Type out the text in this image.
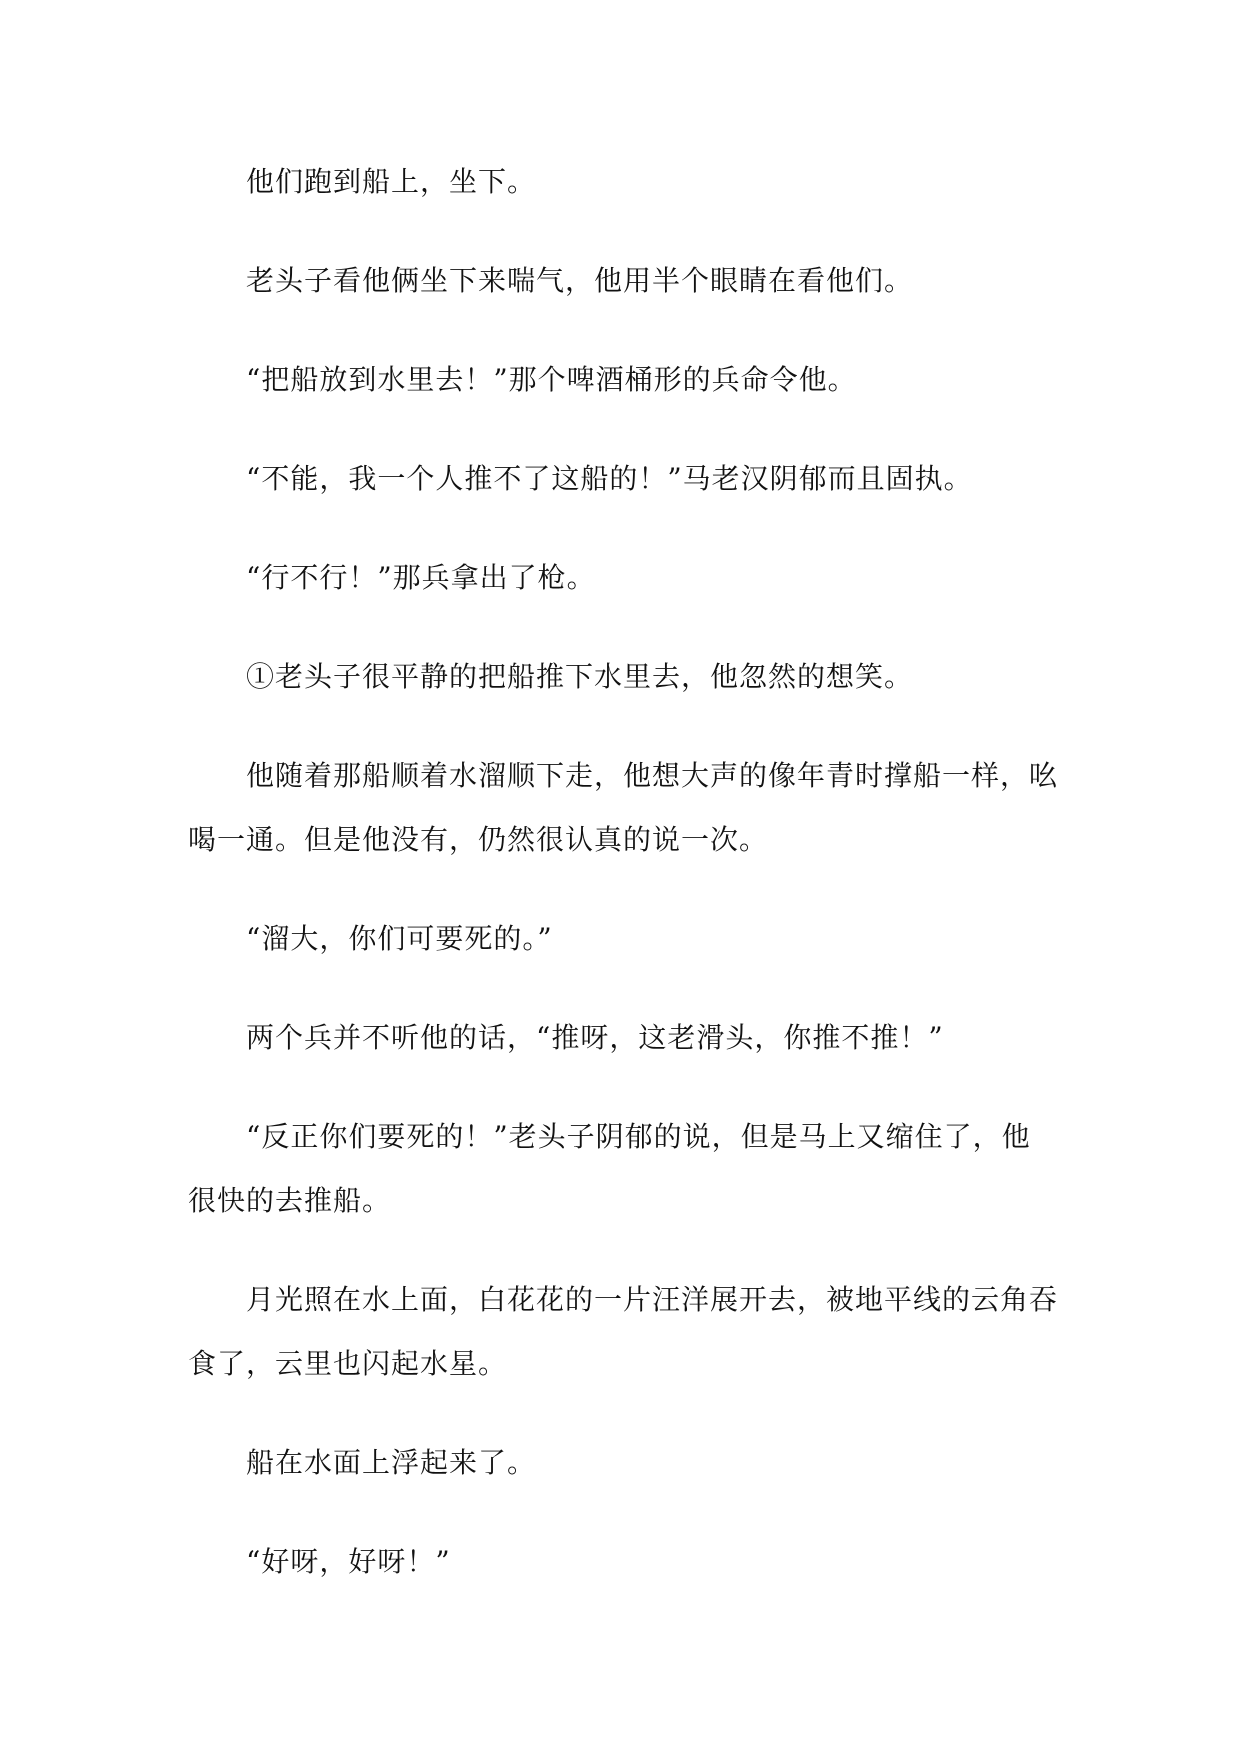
他们跑到船上，坐下。

老头子看他俩坐下来喘气，他用半个眼睛在看他们。

“把船放到水里去！”那个啤酒桶形的兵命令他。

“不能，我一个人推不了这船的！”马老汉阴郁而且固执。

“行不行！”那兵拿出了枪。

①老头子很平静的把船推下水里去，他忽然的想笑。

他随着那船顺着水溜顺下走，他想大声的像年青时撑船一样，吆喝一通。但是他没有，仍然很认真的说一次。

“溜大，你们可要死的。”

两个兵并不听他的话，“推呀，这老滑头，你推不推！”

“反正你们要死的！”老头子阴郁的说，但是马上又缩住了，他很快的去推船。

月光照在水上面，白花花的一片汪洋展开去，被地平线的云角吞食了，云里也闪起水星。

船在水面上浮起来了。

“好呀，好呀！”
